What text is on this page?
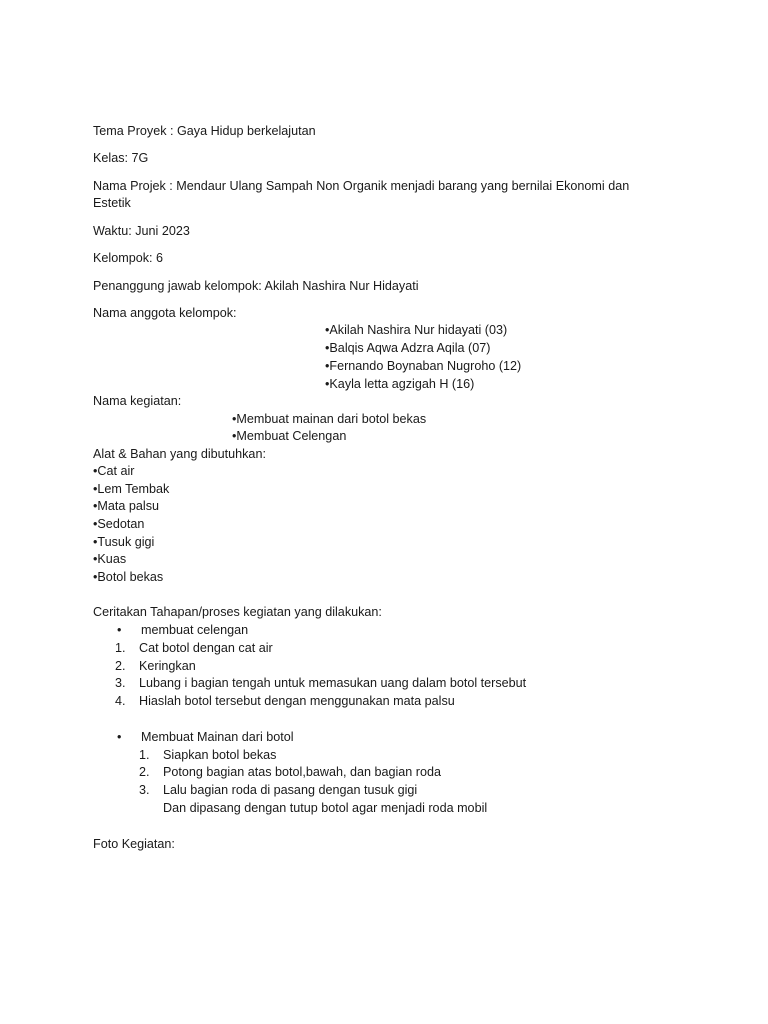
Tema Proyek : Gaya Hidup berkelajutan
Kelas: 7G
Nama Projek : Mendaur Ulang Sampah Non Organik menjadi barang yang bernilai Ekonomi dan Estetik
Waktu: Juni 2023
Kelompok: 6
Penanggung jawab kelompok: Akilah Nashira Nur Hidayati
Nama anggota kelompok:
•Akilah Nashira Nur hidayati (03)
•Balqis Aqwa Adzra Aqila (07)
•Fernando Boynaban Nugroho (12)
•Kayla letta agzigah H (16)
Nama kegiatan:
•Membuat mainan dari botol bekas
•Membuat Celengan
Alat & Bahan yang dibutuhkan:
•Cat air
•Lem Tembak
•Mata palsu
•Sedotan
•Tusuk gigi
•Kuas
•Botol bekas
Ceritakan Tahapan/proses kegiatan yang dilakukan:
• membuat celengan
1. Cat botol dengan cat air
2. Keringkan
3. Lubang i bagian tengah untuk memasukan uang dalam botol tersebut
4. Hiaslah botol tersebut dengan menggunakan mata palsu
• Membuat Mainan dari botol
1. Siapkan botol bekas
2. Potong bagian atas botol,bawah, dan bagian roda
3. Lalu bagian roda di pasang dengan tusuk gigi
Dan dipasang dengan tutup botol agar menjadi roda mobil
Foto Kegiatan:
